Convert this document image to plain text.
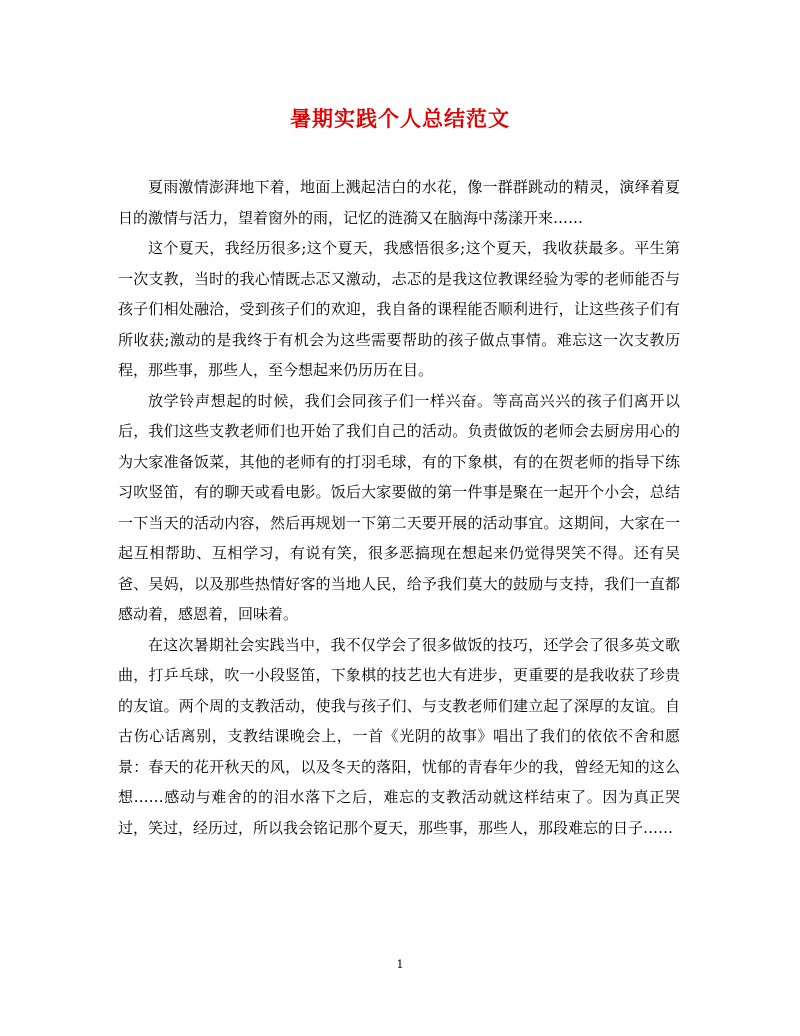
暑期实践个人总结范文

夏雨激情澎湃地下着，地面上溅起洁白的水花，像一群群跳动的精灵，演绎着夏日的激情与活力，望着窗外的雨，记忆的涟漪又在脑海中荡漾开来……

这个夏天，我经历很多;这个夏天，我感悟很多;这个夏天，我收获最多。平生第一次支教，当时的我心情既忐忑又激动，忐忑的是我这位教课经验为零的老师能否与孩子们相处融洽，受到孩子们的欢迎，我自备的课程能否顺利进行，让这些孩子们有所收获;激动的是我终于有机会为这些需要帮助的孩子做点事情。难忘这一次支教历程，那些事，那些人，至今想起来仍历历在目。

放学铃声想起的时候，我们会同孩子们一样兴奋。等高高兴兴的孩子们离开以后，我们这些支教老师们也开始了我们自己的活动。负责做饭的老师会去厨房用心的为大家准备饭菜，其他的老师有的打羽毛球，有的下象棋，有的在贺老师的指导下练习吹竖笛，有的聊天或看电影。饭后大家要做的第一件事是聚在一起开个小会，总结一下当天的活动内容，然后再规划一下第二天要开展的活动事宜。这期间，大家在一起互相帮助、互相学习，有说有笑，很多恶搞现在想起来仍觉得哭笑不得。还有吴爸、吴妈，以及那些热情好客的当地人民，给予我们莫大的鼓励与支持，我们一直都感动着，感恩着，回味着。

在这次暑期社会实践当中，我不仅学会了很多做饭的技巧，还学会了很多英文歌曲，打乒乓球，吹一小段竖笛，下象棋的技艺也大有进步，更重要的是我收获了珍贵的友谊。两个周的支教活动，使我与孩子们、与支教老师们建立起了深厚的友谊。自古伤心话离别，支教结课晚会上，一首《光阴的故事》唱出了我们的依依不舍和愿景：春天的花开秋天的风，以及冬天的落阳，忧郁的青春年少的我，曾经无知的这么想……感动与难舍的的泪水落下之后，难忘的支教活动就这样结束了。因为真正哭过，笑过，经历过，所以我会铭记那个夏天，那些事，那些人，那段难忘的日子……

1
